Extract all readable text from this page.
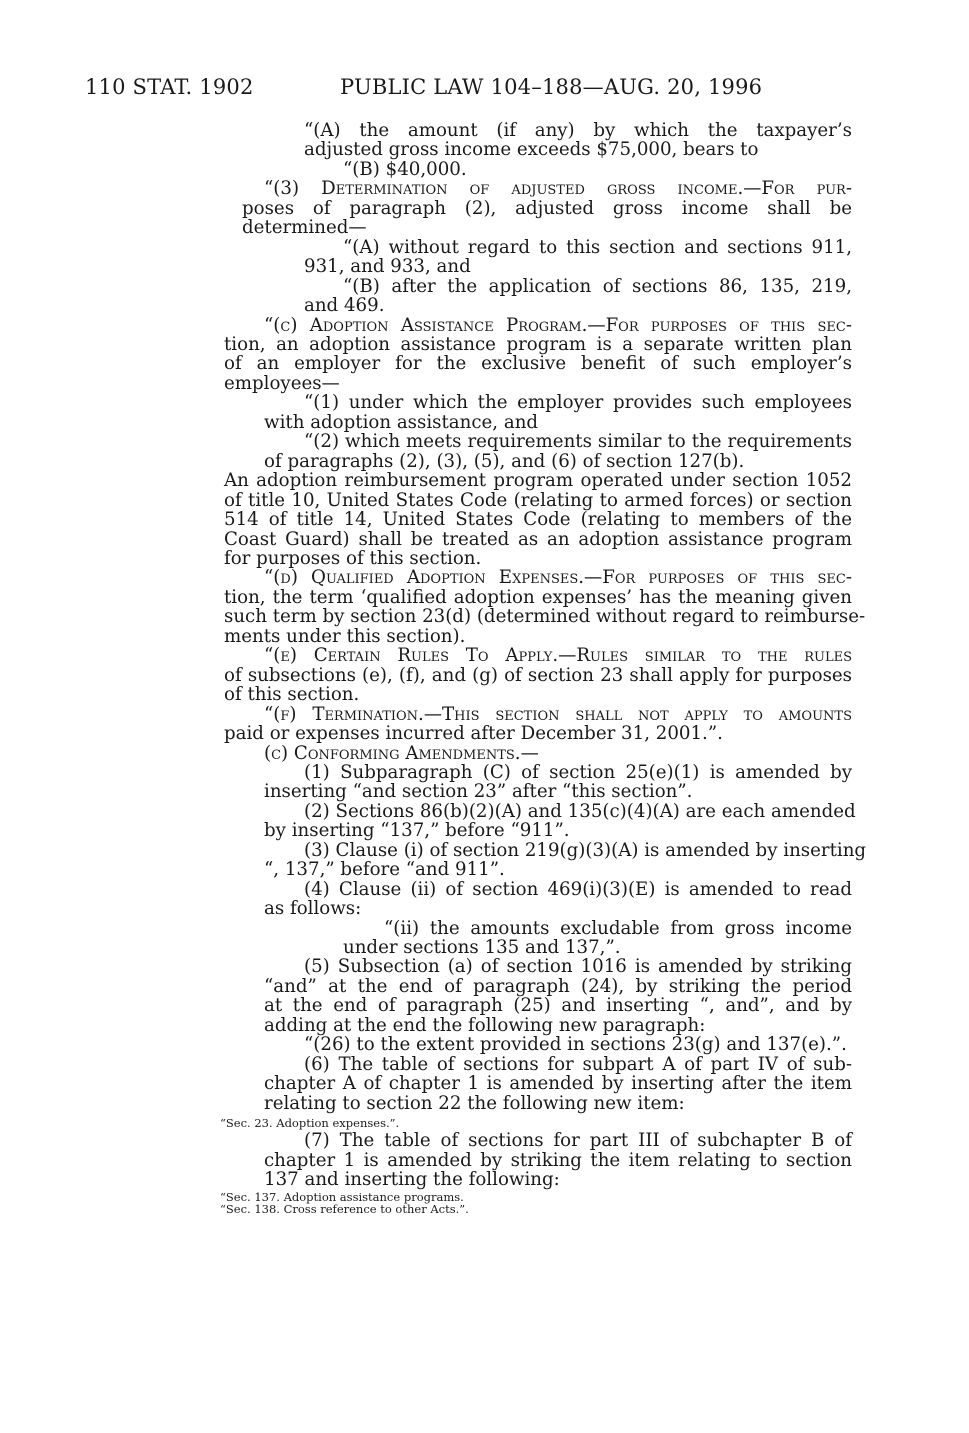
110 STAT. 1902	PUBLIC LAW 104–188—AUG. 20, 1996
“(A) the amount (if any) by which the taxpayer’s
adjusted gross income exceeds $75,000, bears to
“(B) $40,000.
“(3) Determination of adjusted gross income.—For pur-
poses of paragraph (2), adjusted gross income shall be
determined—
“(A) without regard to this section and sections 911,
931, and 933, and
“(B) after the application of sections 86, 135, 219,
and 469.
“(c) Adoption Assistance Program.—For purposes of this sec-
tion, an adoption assistance program is a separate written plan
of an employer for the exclusive benefit of such employer’s
employees—
“(1) under which the employer provides such employees
with adoption assistance, and
“(2) which meets requirements similar to the requirements
of paragraphs (2), (3), (5), and (6) of section 127(b).
An adoption reimbursement program operated under section 1052
of title 10, United States Code (relating to armed forces) or section
514 of title 14, United States Code (relating to members of the
Coast Guard) shall be treated as an adoption assistance program
for purposes of this section.
“(d) Qualified Adoption Expenses.—For purposes of this sec-
tion, the term ‘qualified adoption expenses’ has the meaning given
such term by section 23(d) (determined without regard to reimburse-
ments under this section).
“(e) Certain Rules To Apply.—Rules similar to the rules
of subsections (e), (f), and (g) of section 23 shall apply for purposes
of this section.
“(f) Termination.—This section shall not apply to amounts
paid or expenses incurred after December 31, 2001.”.
(c) Conforming Amendments.—
(1) Subparagraph (C) of section 25(e)(1) is amended by
inserting “and section 23” after “this section”.
(2) Sections 86(b)(2)(A) and 135(c)(4)(A) are each amended
by inserting “137,” before “911”.
(3) Clause (i) of section 219(g)(3)(A) is amended by inserting
“, 137,” before “and 911”.
(4) Clause (ii) of section 469(i)(3)(E) is amended to read
as follows:
“(ii) the amounts excludable from gross income
under sections 135 and 137,”.
(5) Subsection (a) of section 1016 is amended by striking
“and” at the end of paragraph (24), by striking the period
at the end of paragraph (25) and inserting “, and”, and by
adding at the end the following new paragraph:
“(26) to the extent provided in sections 23(g) and 137(e).”.
(6) The table of sections for subpart A of part IV of sub-
chapter A of chapter 1 is amended by inserting after the item
relating to section 22 the following new item:
“Sec. 23. Adoption expenses.”.
(7) The table of sections for part III of subchapter B of
chapter 1 is amended by striking the item relating to section
137 and inserting the following:
“Sec. 137. Adoption assistance programs.
“Sec. 138. Cross reference to other Acts.”.
